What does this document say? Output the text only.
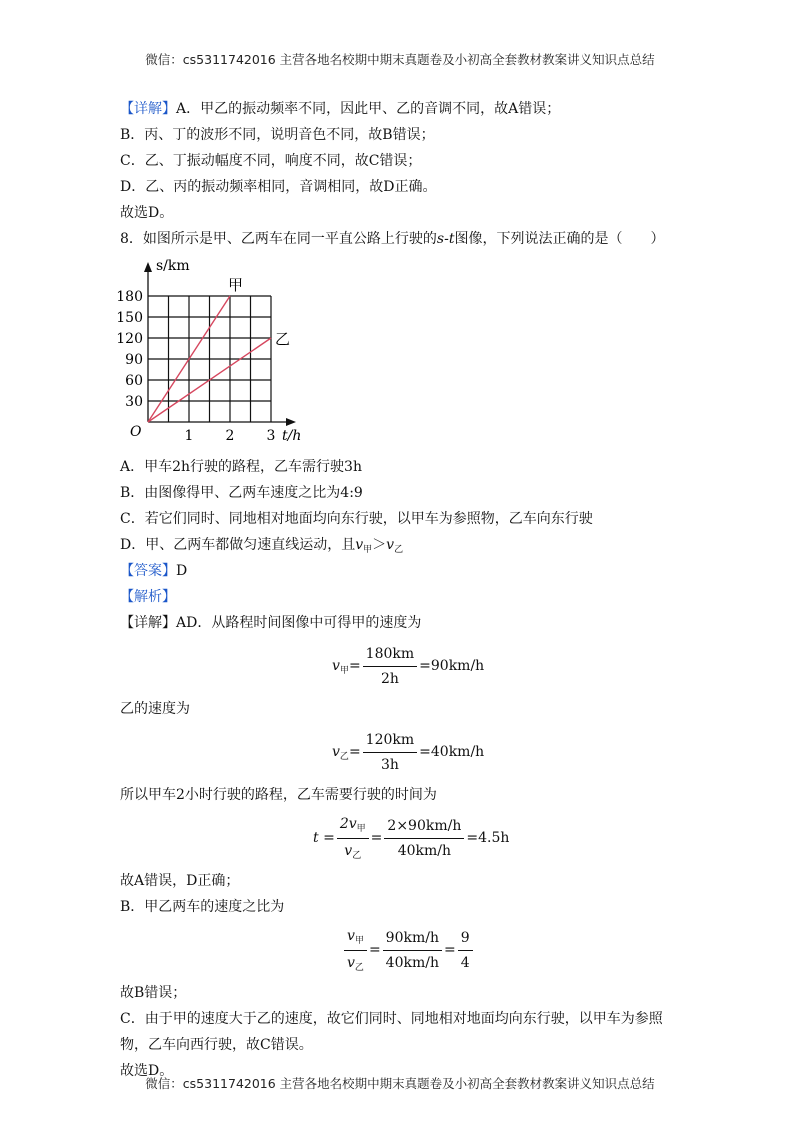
微信：cs5311742016 主营各地名校期中期末真题卷及小初高全套教材教案讲义知识点总结
【详解】A．甲乙的振动频率不同，因此甲、乙的音调不同，故A错误；
B．丙、丁的波形不同，说明音色不同，故B错误；
C．乙、丁振动幅度不同，响度不同，故C错误；
D．乙、丙的振动频率相同，音调相同，故D正确。
故选D。
8．如图所示是甲、乙两车在同一平直公路上行驶的s-t图像，下列说法正确的是（　　）
s/km
t/h
O
30
60
90
120
150
180
1 2 3
甲
乙
A．甲车2h行驶的路程，乙车需行驶3h
B．由图像得甲、乙两车速度之比为4:9
C．若它们同时、同地相对地面均向东行驶，以甲车为参照物，乙车向东行驶
D．甲、乙两车都做匀速直线运动，且$v_甲>v_乙$
【答案】D
【解析】
【详解】AD．从路程时间图像中可得甲的速度为
v 甲 = $\frac{180km}{2h} =90km/h$
乙的速度为
v 乙 = $\frac{120km}{3h} =40km/h$
所以甲车2小时行驶的路程，乙车需要行驶的时间为
$t = \frac{2v_甲}{v_乙} = \frac{2\times 90km/h}{40km/h} =4.5h$
故A错误，D正确；
B．甲乙两车的速度之比为
$\frac{v_甲}{v_乙} = \frac{90km/h}{40km/h} = \frac{9}{4}$
故B错误；
C．由于甲的速度大于乙的速度，故它们同时、同地相对地面均向东行驶，以甲车为参照
物，乙车向西行驶，故C错误。
故选D。
微信：cs5311742016 主营各地名校期中期末真题卷及小初高全套教材教案讲义知识点总结
